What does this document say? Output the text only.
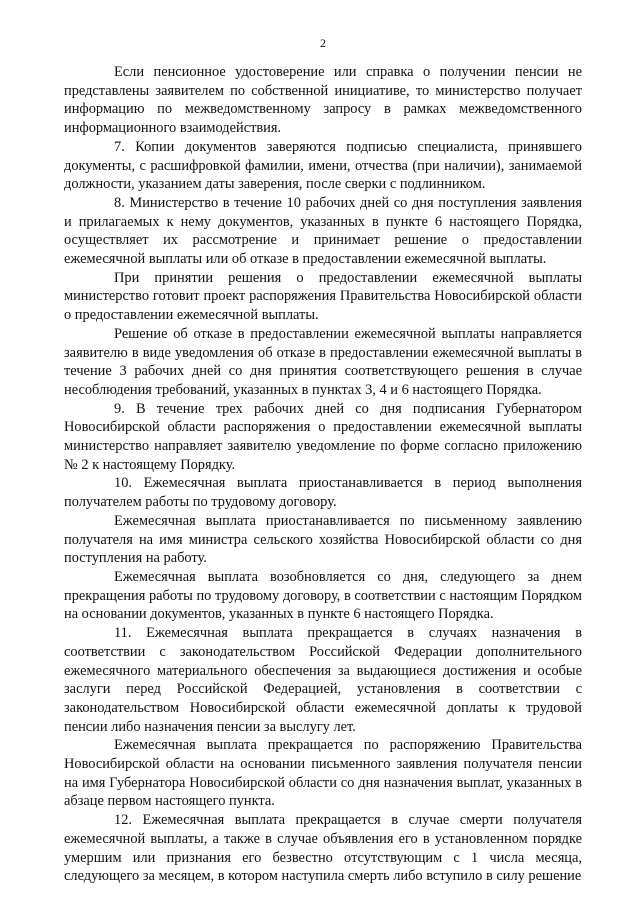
2

Если пенсионное удостоверение или справка о получении пенсии не представлены заявителем по собственной инициативе, то министерство получает информацию по межведомственному запросу в рамках межведомственного информационного взаимодействия.

7. Копии документов заверяются подписью специалиста, принявшего документы, с расшифровкой фамилии, имени, отчества (при наличии), занимаемой должности, указанием даты заверения, после сверки с подлинником.

8. Министерство в течение 10 рабочих дней со дня поступления заявления и прилагаемых к нему документов, указанных в пункте 6 настоящего Порядка, осуществляет их рассмотрение и принимает решение о предоставлении ежемесячной выплаты или об отказе в предоставлении ежемесячной выплаты.

При принятии решения о предоставлении ежемесячной выплаты министерство готовит проект распоряжения Правительства Новосибирской области о предоставлении ежемесячной выплаты.

Решение об отказе в предоставлении ежемесячной выплаты направляется заявителю в виде уведомления об отказе в предоставлении ежемесячной выплаты в течение 3 рабочих дней со дня принятия соответствующего решения в случае несоблюдения требований, указанных в пунктах 3, 4 и 6 настоящего Порядка.

9. В течение трех рабочих дней со дня подписания Губернатором Новосибирской области распоряжения о предоставлении ежемесячной выплаты министерство направляет заявителю уведомление по форме согласно приложению № 2 к настоящему Порядку.

10. Ежемесячная выплата приостанавливается в период выполнения получателем работы по трудовому договору.

Ежемесячная выплата приостанавливается по письменному заявлению получателя на имя министра сельского хозяйства Новосибирской области со дня поступления на работу.

Ежемесячная выплата возобновляется со дня, следующего за днем прекращения работы по трудовому договору, в соответствии с настоящим Порядком на основании документов, указанных в пункте 6 настоящего Порядка.

11. Ежемесячная выплата прекращается в случаях назначения в соответствии с законодательством Российской Федерации дополнительного ежемесячного материального обеспечения за выдающиеся достижения и особые заслуги перед Российской Федерацией, установления в соответствии с законодательством Новосибирской области ежемесячной доплаты к трудовой пенсии либо назначения пенсии за выслугу лет.

Ежемесячная выплата прекращается по распоряжению Правительства Новосибирской области на основании письменного заявления получателя пенсии на имя Губернатора Новосибирской области со дня назначения выплат, указанных в абзаце первом настоящего пункта.

12. Ежемесячная выплата прекращается в случае смерти получателя ежемесячной выплаты, а также в случае объявления его в установленном порядке умершим или признания его безвестно отсутствующим с 1 числа месяца, следующего за месяцем, в котором наступила смерть либо вступило в силу решение
